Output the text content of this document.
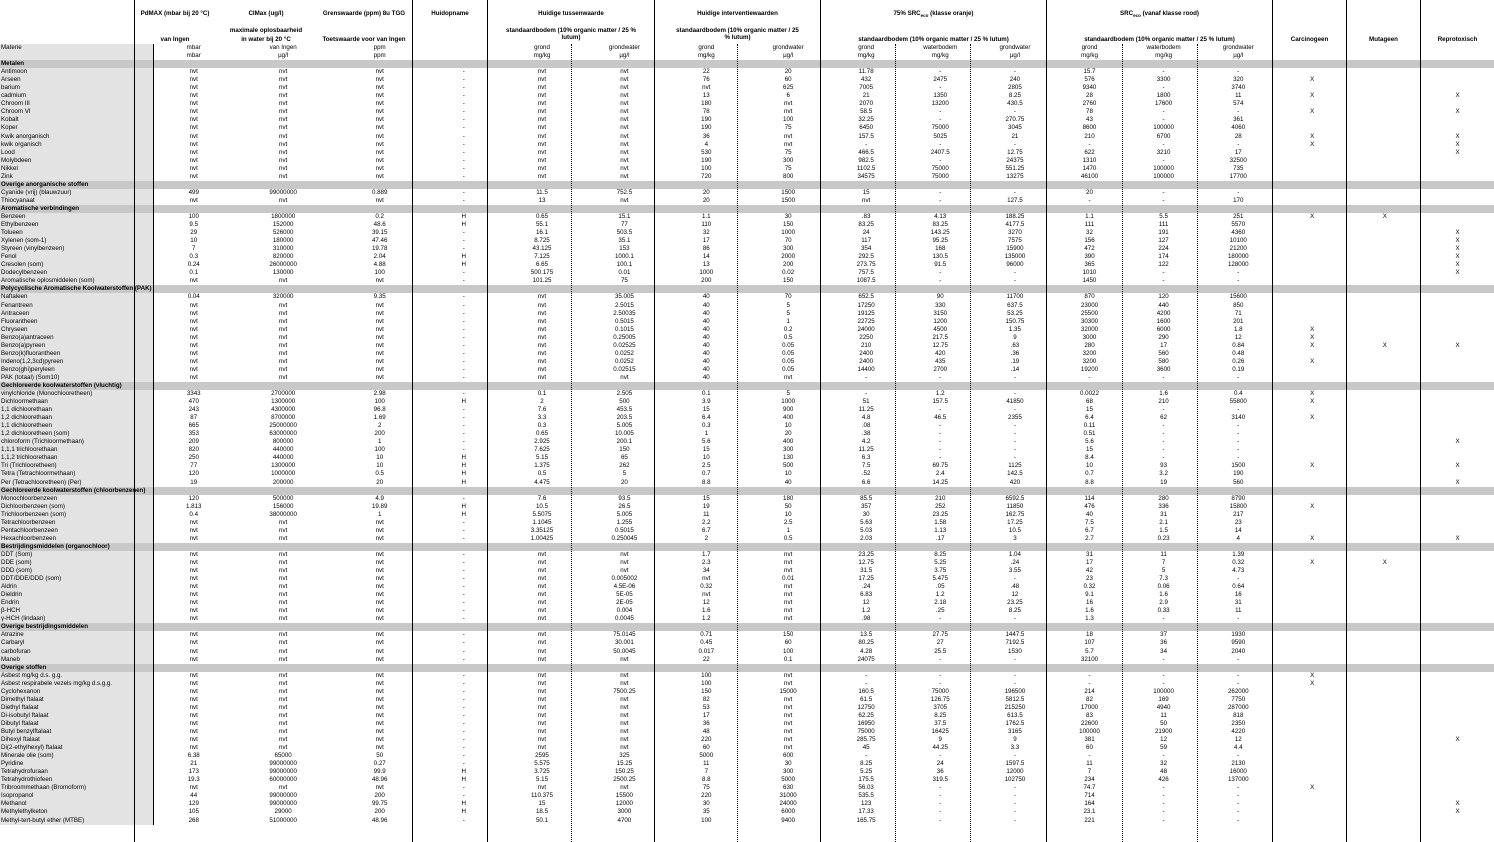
PdMAX (mbar bij 20 °C)
van Ingen
CIMax (ug/l)
maximale oplosbaarheid
in water bij 20 °C
Grenswaarde (ppm) 8u TGG
Toetswaarde voor van Ingen
Huidopname	Huidige tussenwaarde
standaardbodem (10% organic matter / 25 % lutum)
Huidige interventiewaarden
standaardbodem (10% organic matter / 25 % lutum)
75% $SRC_{eco}$ (klasse oranje)
standaardbodem (10% organic matter / 25 % lutum)
$SRC_{eco}$ (vanaf klasse rood)
standaardbodem (10% organic matter / 25 % lutum)	Carcinogeen	Mutageen	Reprotoxisch
Materie	mbar	van Ingen	ppm		grond	grondwater	grond	grondwater	grond	waterbodem	grondwater	grond	waterbodem	grondwater			
	mbar	µg/l	ppm		mg/kg	µg/l	mg/kg	µg/l	mg/kg	mg/kg	µg/l	mg/kg	mg/kg	µg/l			
Metalen																	
Antimoon	nvt	nvt	nvt	-	nvt	nvt	22	20	11.78	-	-	15.7	-	-			
Arseen	nvt	nvt	nvt	-	nvt	nvt	76	60	432	2475	240	576	3300	320	X		
barium	nvt	nvt	nvt	-	nvt	nvt	nvt	625	7005	-	2805	9340	-	3740			
cadmium	nvt	nvt	nvt	-	nvt	nvt	13	6	21	1350	8.25	28	1800	11	X		X
Chroom III	nvt	nvt	nvt	-	nvt	nvt	180	nvt	2070	13200	430.5	2760	17600	574			
Chroom VI	nvt	nvt	nvt	-	nvt	nvt	78	nvt	58.5	-	-	78	-	-	X		X
Kobalt	nvt	nvt	nvt	-	nvt	nvt	190	100	32.25	-	270.75	43	-	361			
Koper	nvt	nvt	nvt	-	nvt	nvt	190	75	6450	75000	3045	8600	100000	4060			
Kwik anorganisch	nvt	nvt	nvt	-	nvt	nvt	36	nvt	157.5	5025	21	210	6700	28	X		X
kwik organisch	nvt	nvt	nvt	-	nvt	nvt	4	nvt	-	-	-	-	-	-	X		X
Lood	nvt	nvt	nvt	-	nvt	nvt	530	75	466.5	2407.5	12.75	622	3210	17			X
Molybdeen	nvt	nvt	nvt	-	nvt	nvt	190	300	982.5	-	24375	1310	-	32500			
Nikkel	nvt	nvt	nvt	-	nvt	nvt	100	75	1102.5	75000	551.25	1470	100000	735			
Zink	nvt	nvt	nvt	-	nvt	nvt	720	800	34575	75000	13275	46100	100000	17700			
Overige anorganische stoffen																	
Cyanide (vrij) (blauwzuur)	499	99000000	0.889	-	11.5	752.5	20	1500	15	-	-	20	-	-			
Thiocyanaat	nvt	nvt	nvt	-	13	nvt	20	1500	nvt	-	127.5	-	-	170			
Aromatische verbindingen																	
Benzeen	100	1800000	0.2	H	0.65	15.1	1.1	30	.83	4.13	188.25	1.1	5.5	251	X	X	
Ethylbenzeen	9.5	152000	48.6	H	55.1	77	110	150	83.25	83.25	4177.5	111	111	5570			
Tolueen	29	526000	39.15	-	16.1	503.5	32	1000	24	143.25	3270	32	191	4360			X
Xylenen (som-1)	10	180000	47.46	-	8.725	35.1	17	70	117	95.25	7575	156	127	10100			X
Styreen (vinylbenzeen)	7	310000	19.78	-	43.125	153	86	300	354	168	15900	472	224	21200			X
Fenol	0.3	820000	2.04	H	7.125	1000.1	14	2000	292.5	130.5	135000	390	174	180000			X
Cresolen (som)	0.24	26000000	4.88	H	6.65	100.1	13	200	273.75	91.5	96000	365	122	128000			X
Dodecylbenzeen	0.1	130000	100	-	500.175	0.01	1000	0.02	757.5	-	-	1010	-	-			X
Aromatische oplosmiddelen (som)	nvt	nvt	nvt	-	101.25	75	200	150	1087.5	-	-	1450	-	-			
Polycyclische Aromatische Koolwaterstoffen (PAK)																	
Naftaleen	0.04	320000	9.35	-	nvt	35.005	40	70	652.5	90	11700	870	120	15600			
Fenantreen	nvt	nvt	nvt	-	nvt	2.5015	40	5	17250	330	637.5	23000	440	850			
Antraceen	nvt	nvt	nvt	-	nvt	2.50035	40	5	19125	3150	53.25	25500	4200	71			
Fluorantheen	nvt	nvt	nvt	-	nvt	0.5015	40	1	22725	1200	150.75	30300	1600	201			
Chryseen	nvt	nvt	nvt	-	nvt	0.1015	40	0.2	24000	4500	1.35	32000	6000	1.8	X		
Benzo(a)antraceen	nvt	nvt	nvt	-	nvt	0.25005	40	0.5	2250	217.5	9	3000	290	12	X		
Benzo(a)pyreen	nvt	nvt	nvt	-	nvt	0.02525	40	0.05	210	12.75	.63	280	17	0.84	X	X	X
Benzo(k)fluorantheen	nvt	nvt	nvt	-	nvt	0.0252	40	0.05	2400	420	.36	3200	560	0.48			
Indeno(1,2,3cd)pyreen	nvt	nvt	nvt	-	nvt	0.0252	40	0.05	2400	435	.19	3200	580	0.26	X		
Benzo(ghi)peryleen	nvt	nvt	nvt	-	nvt	0.02515	40	0.05	14400	2700	.14	19200	3600	0.19			
PAK (totaal) (Som10)	nvt	nvt	nvt	-	nvt	nvt	40	nvt	-	-	-	-	-	-			
Gechloreerde koolwaterstoffen (vluchtig)																	
vinylchloride (Monochlooretheen)	3343	2700000	2.98	-	0.1	2.505	0.1	5	-	1.2	-	0.0022	1.6	0.4	X		
Dichloormethaan	470	1300000	100	H	2	500	3.9	1000	51	157.5	41850	68	210	55800	X		
1,1 dichloorethaan	243	4300000	96.8	-	7.6	453.5	15	900	11.25	-	-	15	-	-			
1,2 dichloorethaan	87	8700000	1.69	-	3.3	203.5	6.4	400	4.8	46.5	2355	6.4	62	3140	X		
1,1 dichlooretheen	665	25000000	2	-	0.3	5.005	0.3	10	.08	-	-	0.11	-	-			
1,2 dichlooretheen (som)	353	63000000	200	-	0.65	10.005	1	20	.38	-	-	0.51	-	-			
chloroform (Trichloormethaan)	209	800000	1	-	2.925	200.1	5.6	400	4.2	-	-	5.6	-	-			X
1,1,1 trichloorethaan	820	440000	100	-	7.625	150	15	300	11.25	-	-	15	-	-			
1,1,2 trichloorethaan	250	440000	10	H	5.15	65	10	130	6.3	-	-	8.4	-	-			
Tri (Trichlooretheen)	77	1300000	10	H	1.375	262	2.5	500	7.5	69.75	1125	10	93	1500	X		X
Tetra (Tetrachloormethaan)	120	1000000	0.5	H	0.5	5	0.7	10	.52	2.4	142.5	0.7	3.2	190			
Per (Tetrachlooretheen) (Per)	19	200000	20	H	4.475	20	8.8	40	6.6	14.25	420	8.8	19	560			X
Gechloreerde koolwaterstoffen (chloorbenzenen)																	
Monochloorbenzeen	120	500000	4.9	-	7.6	93.5	15	180	85.5	210	6592.5	114	280	8790			
Dichloorbenzeen (som)	1.813	156000	19.89	H	10.5	26.5	19	50	357	252	11850	476	336	15800	X		
Trichloorbenzeen (som)	0.4	38000000	1	H	5.5075	5.005	11	10	30	23.25	162.75	40	31	217			
Tetrachloorbenzeen	nvt	nvt	nvt	-	1.1045	1.255	2.2	2.5	5.63	1.58	17.25	7.5	2.1	23			
Pentachloorbenzeen	nvt	nvt	nvt	-	3.35125	0.5015	6.7	1	5.03	1.13	10.5	6.7	1.5	14			
Hexachloorbenzeen	nvt	nvt	nvt	-	1.00425	0.250045	2	0.5	2.03	.17	3	2.7	0.23	4	X		X
Bestrijdingsmiddelen (organochloor)																	
DDT (Som)	nvt	nvt	nvt	-	nvt	nvt	1.7	nvt	23.25	8.25	1.04	31	11	1.39			
DDE (som)	nvt	nvt	nvt	-	nvt	nvt	2.3	nvt	12.75	5.25	.24	17	7	0.32	X	X	
DDD (som)	nvt	nvt	nvt	-	nvt	nvt	34	nvt	31.5	3.75	3.55	42	5	4.73			
DDT/DDE/DDD (som)	nvt	nvt	nvt	-	nvt	0.005002	nvt	0.01	17.25	5.475	-	23	7.3	-			
Aldrin	nvt	nvt	nvt	-	nvt	4.5E-06	0.32	nvt	.24	.05	.48	0.32	0.06	0.64			
Dieldrin	nvt	nvt	nvt	-	nvt	5E-05	nvt	nvt	6.83	1.2	12	9.1	1.6	16			
Endrin	nvt	nvt	nvt	-	nvt	2E-05	12	nvt	12	2.18	23.25	16	2.9	31			
β-HCH	nvt	nvt	nvt	-	nvt	0.004	1.6	nvt	1.2	.25	8.25	1.6	0.33	11			
γ-HCH (lindaan)	nvt	nvt	nvt	-	nvt	0.0045	1.2	nvt	.98	-	-	1.3	-	-			
Overige bestrijdingsmiddelen																	
Atrazine	nvt	nvt	nvt	-	nvt	75.0145	0.71	150	13.5	27.75	1447.5	18	37	1930			
Carbaryl	nvt	nvt	nvt	-	nvt	30.001	0.45	60	80.25	27	7192.5	107	36	9590			
carbofuran	nvt	nvt	nvt	-	nvt	50.0045	0.017	100	4.28	25.5	1530	5.7	34	2040			
Maneb	nvt	nvt	nvt	-	nvt	nvt	22	0.1	24075	-	-	32100	-	-			
Overige stoffen																	
Asbest mg/kg d.s. g.g.	nvt	nvt	nvt	-	nvt	nvt	100	nvt	-	-	-	-	-	-	X		
Asbest respirabele vezels mg/kg d.s.g.g.	nvt	nvt	nvt	-	nvt	nvt	100	nvt	-	-	-	-	-	-	X		
Cyclohexanon	nvt	nvt	nvt	-	nvt	7500.25	150	15000	160.5	75000	196500	214	100000	262000			
Dimethyl ftalaat	nvt	nvt	nvt	-	nvt	nvt	82	nvt	61.5	126.75	5812.5	82	169	7750			
Diethyl ftalaat	nvt	nvt	nvt	-	nvt	nvt	53	nvt	12750	3705	215250	17000	4940	287000			
Di-isobutyl ftalaat	nvt	nvt	nvt	-	nvt	nvt	17	nvt	62.25	8.25	613.5	83	11	818			
Dibutyl ftalaat	nvt	nvt	nvt	-	nvt	nvt	36	nvt	16950	37.5	1762.5	22600	50	2350			
Butyl benzylftalaat	nvt	nvt	nvt	-	nvt	nvt	48	nvt	75000	16425	3165	100000	21900	4220			
Dihexyl ftalaat	nvt	nvt	nvt	-	nvt	nvt	220	nvt	285.75	9	9	381	12	12			X
Di(2-ethylhexyl) ftalaat	nvt	nvt	nvt	-	nvt	nvt	60	nvt	45	44.25	3.3	60	59	4.4			
Minerale olie (som)	6.38	65000	50	-	2595	325	5000	600	-	-	-	-	-	-			
Pyridine	21	99000000	0.27	-	5.575	15.25	11	30	8.25	24	1597.5	11	32	2130			
Tetrahydrofuraan	173	99000000	99.9	H	3.725	150.25	7	300	5.25	36	12000	7	48	16000			
Tetrahydrothiofeen	19.3	60000000	48.96	H	5.15	2500.25	8.8	5000	175.5	319.5	102750	234	426	137000			
Tribroommethaan (Bromoform)	nvt	nvt	nvt	-	nvt	nvt	75	630	56.03	-	-	74.7	-	-	X		
Isopropanol	44	99000000	200	-	110.375	15500	220	31000	535.5	-	-	714	-	-			
Methanol	129	99000000	99.75	H	15	12000	30	24000	123	-	-	164	-	-			X
Methylethylketon	105	29000	200	H	18.5	3000	35	6000	17.33	-	-	23.1	-	-			X
Methyl-tert-butyl ether (MTBE)	268	51000000	48.96	-	50.1	4700	100	9400	165.75	-	-	221	-	-			
